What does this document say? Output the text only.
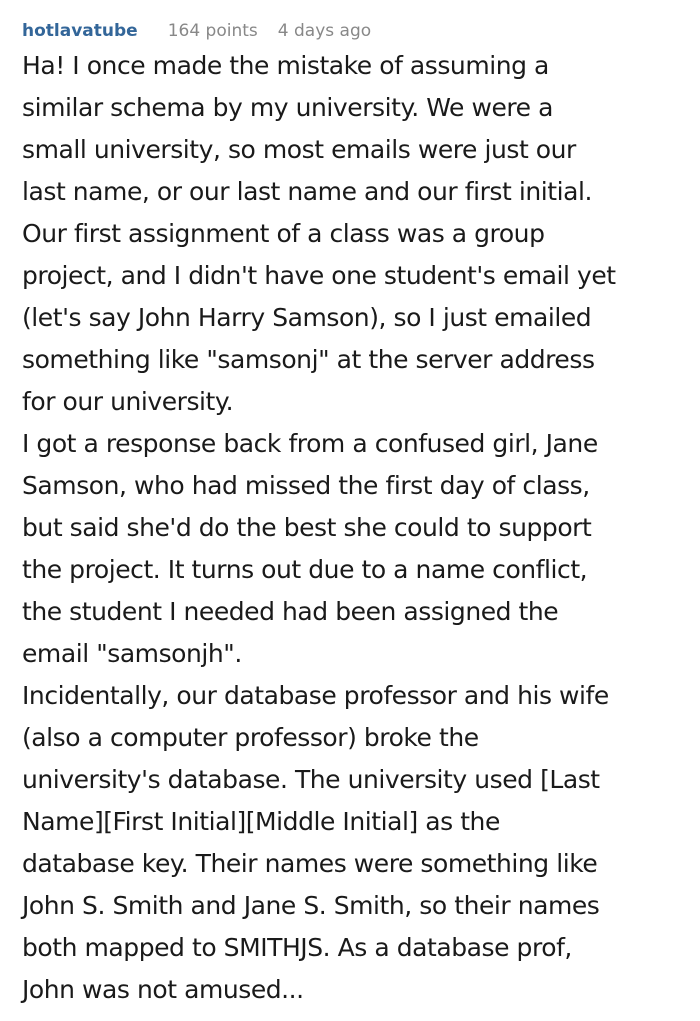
hotlavatube 164 points 4 days ago
Ha! I once made the mistake of assuming a
similar schema by my university. We were a
small university, so most emails were just our
last name, or our last name and our first initial.
Our first assignment of a class was a group
project, and I didn't have one student's email yet
(let's say John Harry Samson), so I just emailed
something like "samsonj" at the server address
for our university.
I got a response back from a confused girl, Jane
Samson, who had missed the first day of class,
but said she'd do the best she could to support
the project. It turns out due to a name conflict,
the student I needed had been assigned the
email "samsonjh".
Incidentally, our database professor and his wife
(also a computer professor) broke the
university's database. The university used [Last
Name][First Initial][Middle Initial] as the
database key. Their names were something like
John S. Smith and Jane S. Smith, so their names
both mapped to SMITHJS. As a database prof,
John was not amused...
